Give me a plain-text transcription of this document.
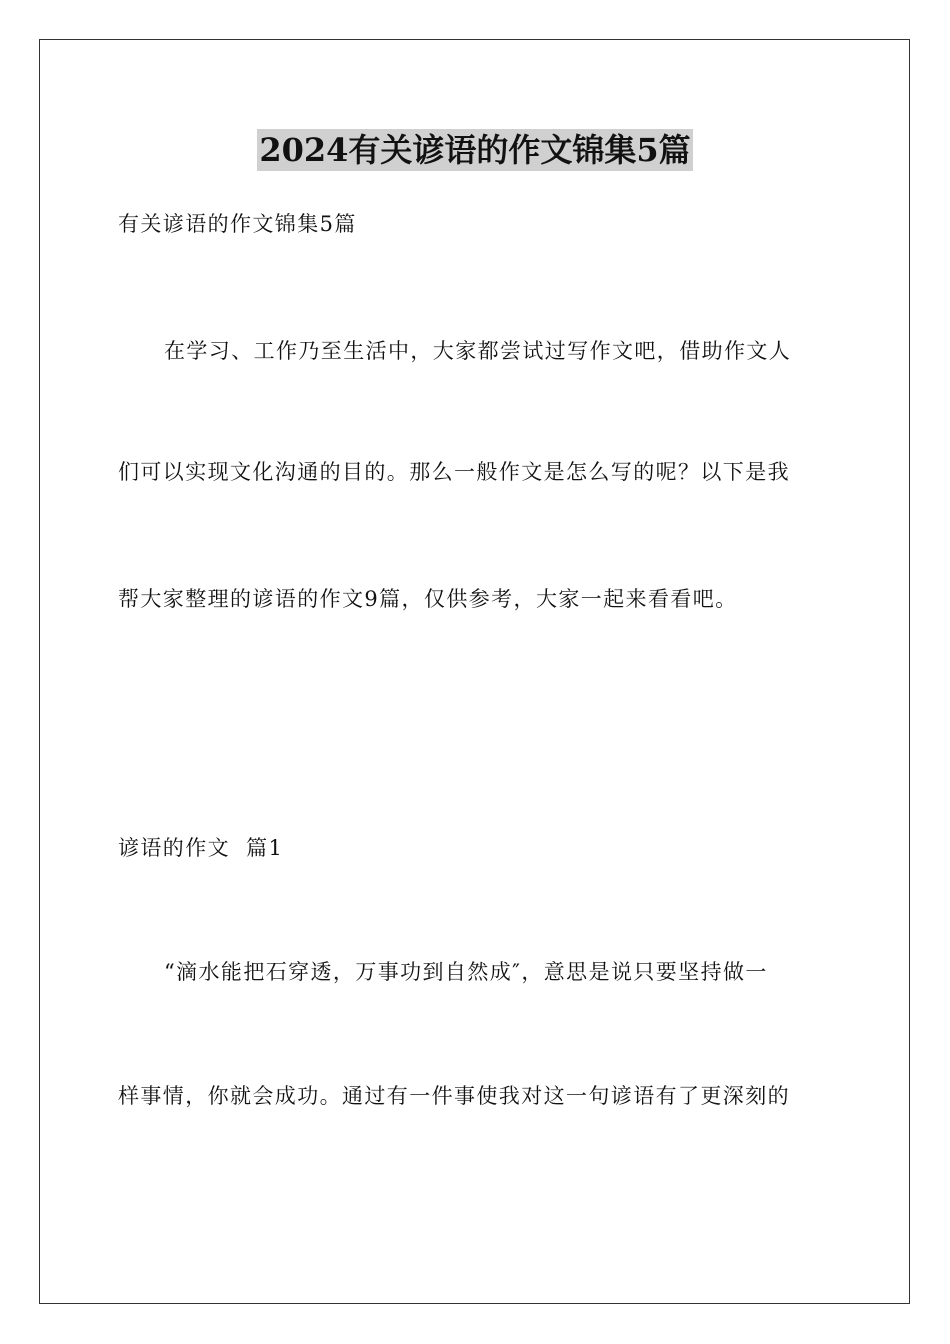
2024有关谚语的作文锦集5篇
有关谚语的作文锦集5篇
在学习、工作乃至生活中，大家都尝试过写作文吧，借助作文人
们可以实现文化沟通的目的。那么一般作文是怎么写的呢？以下是我
帮大家整理的谚语的作文9篇，仅供参考，大家一起来看看吧。
谚语的作文  篇1
“滴水能把石穿透，万事功到自然成″，意思是说只要坚持做一
样事情，你就会成功。通过有一件事使我对这一句谚语有了更深刻的
